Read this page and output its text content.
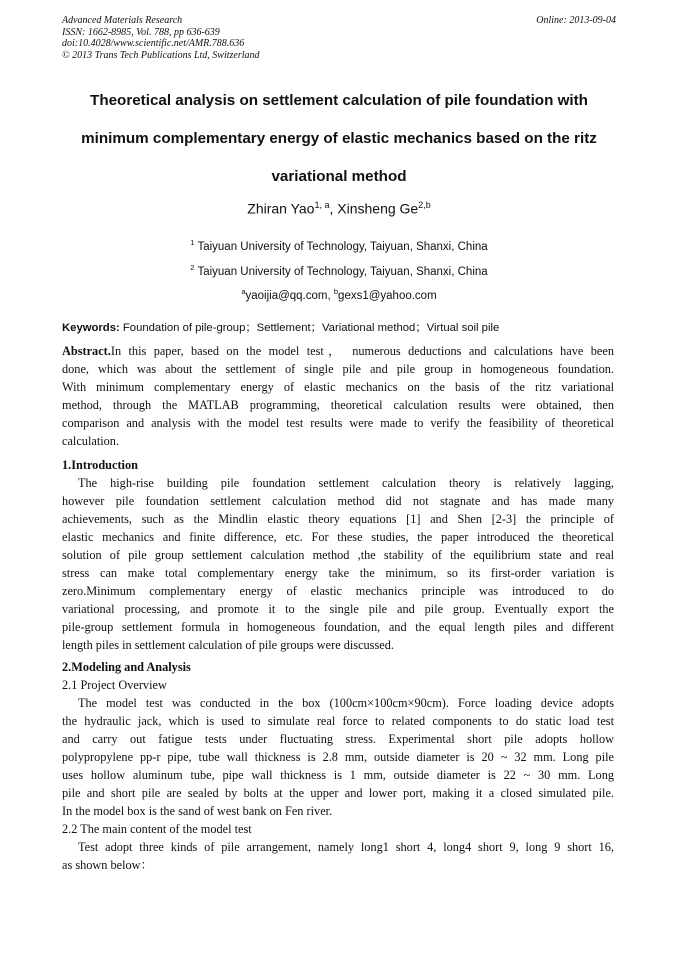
Advanced Materials Research
ISSN: 1662-8985, Vol. 788, pp 636-639
doi:10.4028/www.scientific.net/AMR.788.636
© 2013 Trans Tech Publications Ltd, Switzerland
Online: 2013-09-04
Theoretical analysis on settlement calculation of pile foundation with
minimum complementary energy of elastic mechanics based on the ritz
variational method
Zhiran Yao$^{1, a}$, Xinsheng Ge$^{2,b}$
$^1$ Taiyuan University of Technology, Taiyuan, Shanxi, China
$^2$ Taiyuan University of Technology, Taiyuan, Shanxi, China
$^a$yaoijia@qq.com, $^b$gexs1@yahoo.com
Keywords: Foundation of pile-group；Settlement；Variational method；Virtual soil pile
Abstract.In this paper, based on the model test， numerous deductions and calculations have been
done, which was about the settlement of single pile and pile group in homogeneous foundation.
With minimum complementary energy of elastic mechanics on the basis of the ritz variational
method, through the MATLAB programming, theoretical calculation results were obtained, then
comparison and analysis with the model test results were made to verify the feasibility of theoretical
calculation.
1.Introduction
The high-rise building pile foundation settlement calculation theory is relatively lagging,
however pile foundation settlement calculation method did not stagnate and has made many
achievements, such as the Mindlin elastic theory equations [1] and Shen [2-3] the principle of
elastic mechanics and finite difference, etc. For these studies, the paper introduced the theoretical
solution of pile group settlement calculation method ,the stability of the equilibrium state and real
stress can make total complementary energy take the minimum, so its first-order variation is
zero.Minimum complementary energy of elastic mechanics principle was introduced to do
variational processing, and promote it to the single pile and pile group. Eventually export the
pile-group settlement formula in homogeneous foundation, and the equal length piles and different
length piles in settlement calculation of pile groups were discussed.
2.Modeling and Analysis
2.1 Project Overview
The model test was conducted in the box (100cm×100cm×90cm). Force loading device adopts
the hydraulic jack, which is used to simulate real force to related components to do static load test
and carry out fatigue tests under fluctuating stress. Experimental short pile adopts hollow
polypropylene pp-r pipe, tube wall thickness is 2.8 mm, outside diameter is 20 ~ 32 mm. Long pile
uses hollow aluminum tube, pipe wall thickness is 1 mm, outside diameter is 22 ~ 30 mm. Long
pile and short pile are sealed by bolts at the upper and lower port, making it a closed simulated pile.
In the model box is the sand of west bank on Fen river.
2.2 The main content of the model test
Test adopt three kinds of pile arrangement, namely long1 short 4, long4 short 9, long 9 short 16,
as shown below：
